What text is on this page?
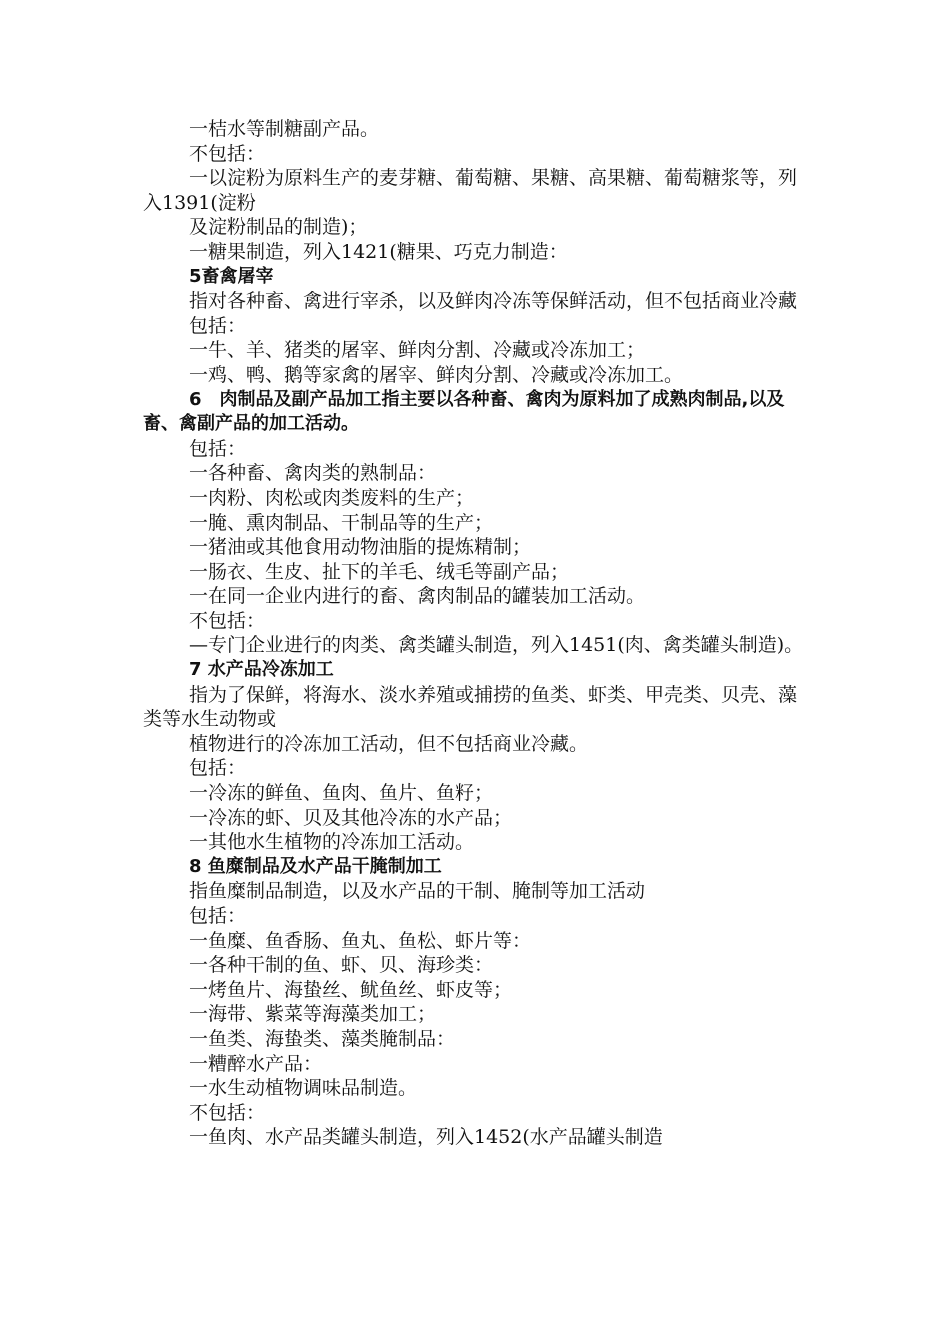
一桔水等制糖副产品。
不包括：
一以淀粉为原料生产的麦芽糖、葡萄糖、果糖、高果糖、葡萄糖浆等，列入1391(淀粉
及淀粉制品的制造)；
一糖果制造，列入1421(糖果、巧克力制造：
5畜禽屠宰
指对各种畜、禽进行宰杀，以及鲜肉冷冻等保鲜活动，但不包括商业冷藏
包括：
一牛、羊、猪类的屠宰、鲜肉分割、冷藏或冷冻加工；
一鸡、鸭、鹅等家禽的屠宰、鲜肉分割、冷藏或冷冻加工。
6　肉制品及副产品加工指主要以各种畜、禽肉为原料加了成熟肉制品,以及畜、禽副产品的加工活动。
包括：
一各种畜、禽肉类的熟制品：
一肉粉、肉松或肉类废料的生产；
一腌、熏肉制品、干制品等的生产；
一猪油或其他食用动物油脂的提炼精制；
一肠衣、生皮、扯下的羊毛、绒毛等副产品；
一在同一企业内进行的畜、禽肉制品的罐装加工活动。
不包括：
—专门企业进行的肉类、禽类罐头制造，列入1451(肉、禽类罐头制造)。
7 水产品冷冻加工
指为了保鲜，将海水、淡水养殖或捕捞的鱼类、虾类、甲壳类、贝壳、藻类等水生动物或
植物进行的冷冻加工活动，但不包括商业冷藏。
包括：
一冷冻的鲜鱼、鱼肉、鱼片、鱼籽；
一冷冻的虾、贝及其他冷冻的水产品；
一其他水生植物的冷冻加工活动。
8 鱼糜制品及水产品干腌制加工
指鱼糜制品制造，以及水产品的干制、腌制等加工活动
包括：
一鱼糜、鱼香肠、鱼丸、鱼松、虾片等：
一各种干制的鱼、虾、贝、海珍类：
一烤鱼片、海蛰丝、鱿鱼丝、虾皮等；
一海带、紫菜等海藻类加工；
一鱼类、海蛰类、藻类腌制品：
一糟醉水产品：
一水生动植物调味品制造。
不包括：
一鱼肉、水产品类罐头制造，列入1452(水产品罐头制造
